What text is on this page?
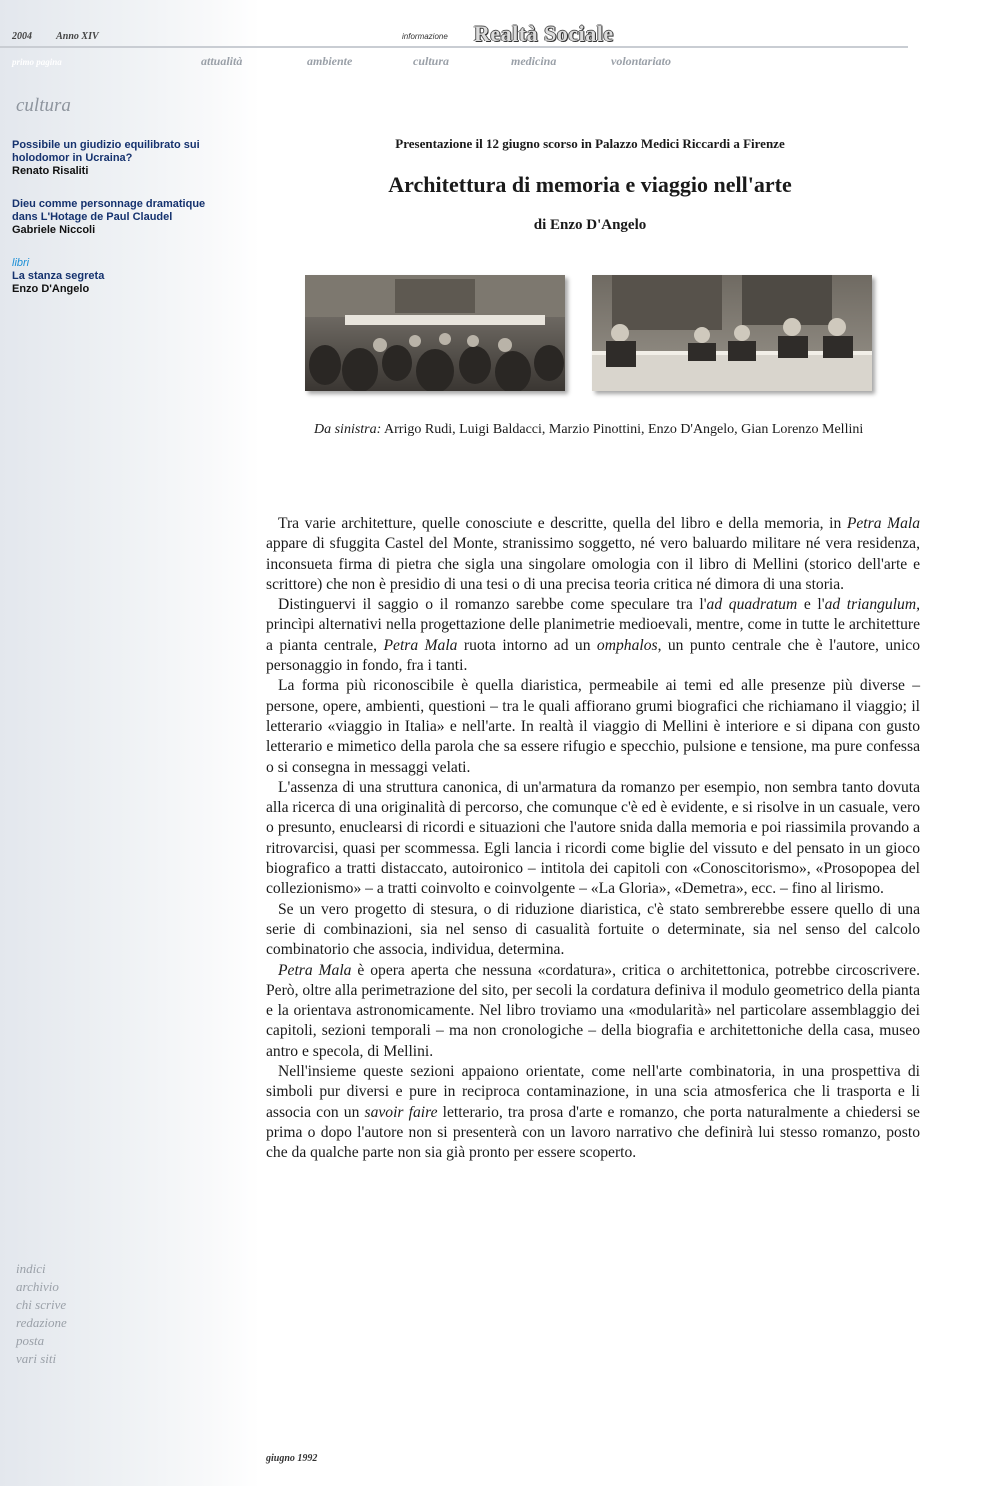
2004 Anno XIV	informazione Realtà Sociale
primo pagina	attualità	ambiente	cultura	medicina	volontariato
cultura
Possibile un giudizio equilibrato sui holodomor in Ucraina?
Renato Risaliti
Dieu comme personnage dramatique dans L'Hotage de Paul Claudel
Gabriele Niccoli
libri
La stanza segreta
Enzo D'Angelo
indici
archivio
chi scrive
redazione
posta
vari siti
Presentazione il 12 giugno scorso in Palazzo Medici Riccardi a Firenze
Architettura di memoria e viaggio nell'arte
di Enzo D'Angelo
Da sinistra: Arrigo Rudi, Luigi Baldacci, Marzio Pinottini, Enzo D'Angelo, Gian Lorenzo Mellini

Tra varie architetture, quelle conosciute e descritte, quella del libro e della memoria, in Petra Mala appare di sfuggita Castel del Monte, stranissimo soggetto, né vero baluardo militare né vera residenza, inconsueta firma di pietra che sigla una singolare omologia con il libro di Mellini (storico dell'arte e scrittore) che non è presidio di una tesi o di una precisa teoria critica né dimora di una storia.

Distinguervi il saggio o il romanzo sarebbe come speculare tra l'ad quadratum e l'ad triangulum, princìpi alternativi nella progettazione delle planimetrie medioevali, mentre, come in tutte le architetture a pianta centrale, Petra Mala ruota intorno ad un omphalos, un punto centrale che è l'autore, unico personaggio in fondo, fra i tanti.

La forma più riconoscibile è quella diaristica, permeabile ai temi ed alle presenze più diverse – persone, opere, ambienti, questioni – tra le quali affiorano grumi biografici che richiamano il viaggio; il letterario «viaggio in Italia» e nell'arte. In realtà il viaggio di Mellini è interiore e si dipana con gusto letterario e mimetico della parola che sa essere rifugio e specchio, pulsione e tensione, ma pure confessa o si consegna in messaggi velati.

L'assenza di una struttura canonica, di un'armatura da romanzo per esempio, non sembra tanto dovuta alla ricerca di una originalità di percorso, che comunque c'è ed è evidente, e si risolve in un casuale, vero o presunto, enuclearsi di ricordi e situazioni che l'autore snida dalla memoria e poi riassimila provando a ritrovarcisi, quasi per scommessa. Egli lancia i ricordi come biglie del vissuto e del pensato in un gioco biografico a tratti distaccato, autoironico – intitola dei capitoli con «Conoscitorismo», «Prosopopea del collezionismo» – a tratti coinvolto e coinvolgente – «La Gloria», «Demetra», ecc. – fino al lirismo.

Se un vero progetto di stesura, o di riduzione diaristica, c'è stato sembrerebbe essere quello di una serie di combinazioni, sia nel senso di casualità fortuite o determinate, sia nel senso del calcolo combinatorio che associa, individua, determina.

Petra Mala è opera aperta che nessuna «cordatura», critica o architettonica, potrebbe circoscrivere. Però, oltre alla perimetrazione del sito, per secoli la cordatura definiva il modulo geometrico della pianta e la orientava astronomicamente. Nel libro troviamo una «modularità» nel particolare assemblaggio dei capitoli, sezioni temporali – ma non cronologiche – della biografia e architettoniche della casa, museo antro e specola, di Mellini.

Nell'insieme queste sezioni appaiono orientate, come nell'arte combinatoria, in una prospettiva di simboli pur diversi e pure in reciproca contaminazione, in una scia atmosferica che li trasporta e li associa con un savoir faire letterario, tra prosa d'arte e romanzo, che porta naturalmente a chiedersi se prima o dopo l'autore non si presenterà con un lavoro narrativo che definirà lui stesso romanzo, posto che da qualche parte non sia già pronto per essere scoperto.

giugno 1992
